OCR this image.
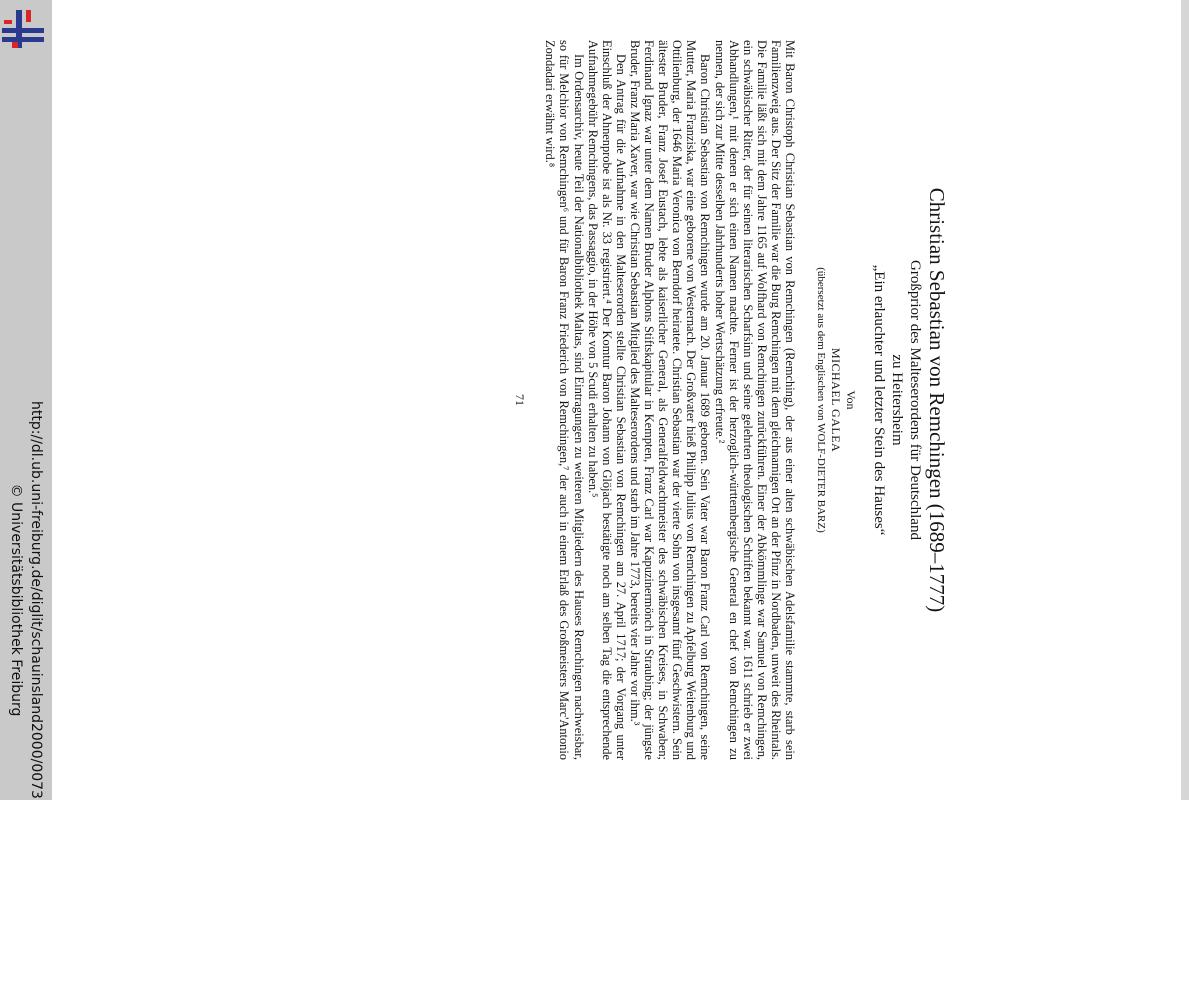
http://dl.ub.uni-freiburg.de/diglit/schauinsland2000/0073
© Universitätsbibliothek Freiburg	Christian Sebastian von Remchingen (1689–1777)
Großprior des Malteserordens für Deutschland
zu Heitersheim
„Ein erlauchter und letzter Stein des Hauses“
Von
MICHAEL GALEA
(übersetzt aus dem Englischen von WOLF-DIETER BARZ)

Mit Baron Christoph Christian Sebastian von Remchingen (Remching), der aus einer alten schwäbischen Adelsfamilie stammte, starb sein Familienzweig aus. Der Sitz der Familie war die Burg Remchingen mit dem gleichnamigen Ort an der Pfinz in Nordbaden, unweit des Rheintals. Die Familie läßt sich mit dem Jahre 1165 auf Wolfhard von Remchingen zurückführen. Einer der Abkömmlinge war Samuel von Remchingen, ein schwäbischer Ritter, der für seinen literarischen Scharfsinn und seine gelehrten theologischen Schriften bekannt war. 1611 schrieb er zwei Abhandlungen,¹ mit denen er sich einen Namen machte. Ferner ist der herzoglich-württembergische General en chef von Remchingen zu nennen, der sich zur Mitte desselben Jahrhunderts hoher Wertschätzung erfreute.²

Baron Christian Sebastian von Remchingen wurde am 20. Januar 1689 geboren. Sein Vater war Baron Franz Carl von Remchingen, seine Mutter, Maria Franziska, war eine geborene von Westernach. Der Großvater hieß Philipp Julius von Remchingen zu Apfelburg Weitenburg und Ottilienburg, der 1646 Maria Veronica von Berndorf heiratete. Christian Sebastian war der vierte Sohn von insgesamt fünf Geschwistern. Sein ältester Bruder, Franz Josef Eustach, lebte als kaiserlicher General, als Generalfeldwachtmeister des schwäbischen Kreises, in Schwaben; Ferdinand Ignaz war unter dem Namen Bruder Alphons Stiftskapitular in Kempten, Franz Carl war Kapuzinermönch in Straubing; der jüngste Bruder, Franz Maria Xaver, war wie Christian Sebastian Mitglied des Malteserordens und starb im Jahre 1773, bereits vier Jahre vor ihm.³

Den Antrag für die Aufnahme in den Malteserorden stellte Christian Sebastian von Remchingen am 27. April 1717; der Vorgang unter Einschluß der Ahnenprobe ist als Nr. 33 registriert.⁴ Der Komtur Baron Johann von Glöjach bestätigte noch am selben Tag die entsprechende Aufnahmegebühr Remchingens, das Passaggio, in der Höhe von 5 Scudi erhalten zu haben.⁵

Im Ordensarchiv, heute Teil der Nationalbibliothek Maltas, sind Eintragungen zu weiteren Mitgliedern des Hauses Remchingen nachweisbar, so für Melchior von Remchingen⁶ und für Baron Franz Friederich von Remchingen,⁷ der auch in einem Erlaß des Großmeisters Marc'Antonio Zondadari erwähnt wird.⁸

71
